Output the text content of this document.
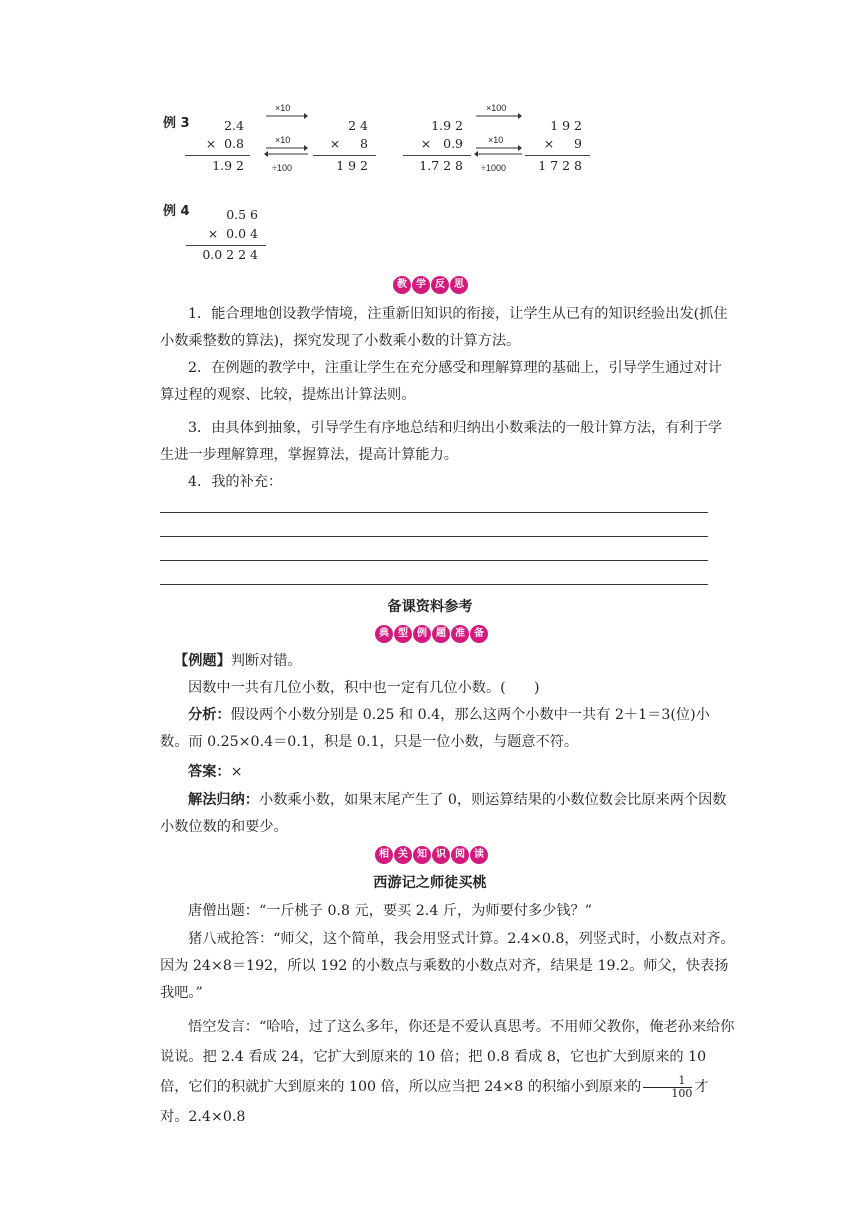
例 3	2.4
×  0.8
1.9 2
×10
×10
÷100
2 4
×     8
1 9 2
1.9 2
×   0.9
1.7 2 8
×100
×10
÷1000
1 9 2
×     9
1 7 2 8
例 4	0.5 6
×  0.0 4
0.0 2 2 4
教 学 反 思
1．能合理地创设教学情境，注重新旧知识的衔接，让学生从已有的知识经验出发(抓住小数乘整数的算法)，探究发现了小数乘小数的计算方法。
2．在例题的教学中，注重让学生在充分感受和理解算理的基础上，引导学生通过对计算过程的观察、比较，提炼出计算法则。
3．由具体到抽象，引导学生有序地总结和归纳出小数乘法的一般计算方法，有利于学生进一步理解算理，掌握算法，提高计算能力。
4．我的补充：
备课资料参考
典 型 例 题 准 备
【例题】判断对错。
因数中一共有几位小数，积中也一定有几位小数。(　　)
分析：假设两个小数分别是 0.25 和 0.4，那么这两个小数中一共有 2＋1＝3(位)小数。而 0.25×0.4＝0.1，积是 0.1，只是一位小数，与题意不符。
答案：×
解法归纳：小数乘小数，如果末尾产生了 0，则运算结果的小数位数会比原来两个因数小数位数的和要少。
相 关 知 识 阅 读
西游记之师徒买桃
唐僧出题：“一斤桃子 0.8 元，要买 2.4 斤，为师要付多少钱？”
猪八戒抢答：“师父，这个简单，我会用竖式计算。2.4×0.8，列竖式时，小数点对齐。因为 24×8＝192，所以 192 的小数点与乘数的小数点对齐，结果是 19.2。师父，快表扬我吧。”
悟空发言：“哈哈，过了这么多年，你还是不爱认真思考。不用师父教你，俺老孙来给你说说。把 2.4 看成 24，它扩大到原来的 10 倍；把 0.8 看成 8，它也扩大到原来的 10 倍，它们的积就扩大到原来的 100 倍，所以应当把 24×8 的积缩小到原来的 $\frac{1}{100}$ 才对。2.4×0.8
